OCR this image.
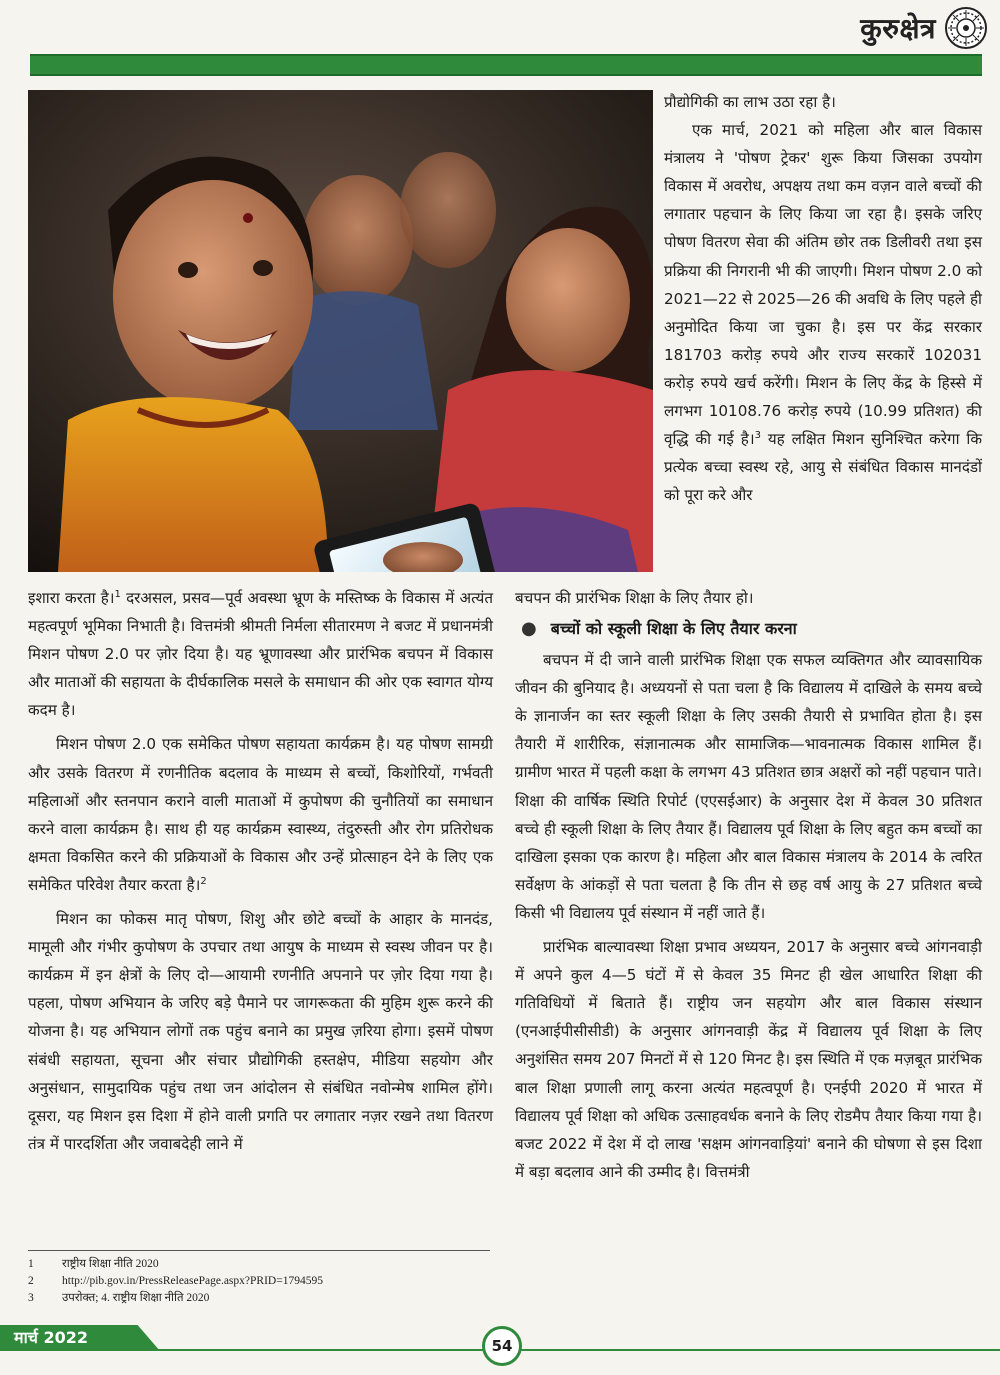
कुरुक्षेत्र

प्रौद्योगिकी का लाभ उठा रहा है।

एक मार्च, 2021 को महिला और बाल विकास मंत्रालय ने 'पोषण ट्रेकर' शुरू किया जिसका उपयोग विकास में अवरोध, अपक्षय तथा कम वज़न वाले बच्चों की लगातार पहचान के लिए किया जा रहा है। इसके जरिए पोषण वितरण सेवा की अंतिम छोर तक डिलीवरी तथा इस प्रक्रिया की निगरानी भी की जाएगी। मिशन पोषण 2.0 को 2021—22 से 2025—26 की अवधि के लिए पहले ही अनुमोदित किया जा चुका है। इस पर केंद्र सरकार 181703 करोड़ रुपये और राज्य सरकारें 102031 करोड़ रुपये खर्च करेंगी। मिशन के लिए केंद्र के हिस्से में लगभग 10108.76 करोड़ रुपये (10.99 प्रतिशत) की वृद्धि की गई है।$^3$ यह लक्षित मिशन सुनिश्चित करेगा कि प्रत्येक बच्चा स्वस्थ रहे, आयु से संबंधित विकास मानदंडों को पूरा करे और

इशारा करता है।$^1$ दरअसल, प्रसव—पूर्व अवस्था भ्रूण के मस्तिष्क के विकास में अत्यंत महत्वपूर्ण भूमिका निभाती है। वित्तमंत्री श्रीमती निर्मला सीतारमण ने बजट में प्रधानमंत्री मिशन पोषण 2.0 पर ज़ोर दिया है। यह भ्रूणावस्था और प्रारंभिक बचपन में विकास और माताओं की सहायता के दीर्घकालिक मसले के समाधान की ओर एक स्वागत योग्य कदम है।

मिशन पोषण 2.0 एक समेकित पोषण सहायता कार्यक्रम है। यह पोषण सामग्री और उसके वितरण में रणनीतिक बदलाव के माध्यम से बच्चों, किशोरियों, गर्भवती महिलाओं और स्तनपान कराने वाली माताओं में कुपोषण की चुनौतियों का समाधान करने वाला कार्यक्रम है। साथ ही यह कार्यक्रम स्वास्थ्य, तंदुरुस्ती और रोग प्रतिरोधक क्षमता विकसित करने की प्रक्रियाओं के विकास और उन्हें प्रोत्साहन देने के लिए एक समेकित परिवेश तैयार करता है।$^2$

मिशन का फोकस मातृ पोषण, शिशु और छोटे बच्चों के आहार के मानदंड, मामूली और गंभीर कुपोषण के उपचार तथा आयुष के माध्यम से स्वस्थ जीवन पर है। कार्यक्रम में इन क्षेत्रों के लिए दो—आयामी रणनीति अपनाने पर ज़ोर दिया गया है। पहला, पोषण अभियान के जरिए बड़े पैमाने पर जागरूकता की मुहिम शुरू करने की योजना है। यह अभियान लोगों तक पहुंच बनाने का प्रमुख ज़रिया होगा। इसमें पोषण संबंधी सहायता, सूचना और संचार प्रौद्योगिकी हस्तक्षेप, मीडिया सहयोग और अनुसंधान, सामुदायिक पहुंच तथा जन आंदोलन से संबंधित नवोन्मेष शामिल होंगे। दूसरा, यह मिशन इस दिशा में होने वाली प्रगति पर लगातार नज़र रखने तथा वितरण तंत्र में पारदर्शिता और जवाबदेही लाने में

बचपन की प्रारंभिक शिक्षा के लिए तैयार हो।

● बच्चों को स्कूली शिक्षा के लिए तैयार करना

बचपन में दी जाने वाली प्रारंभिक शिक्षा एक सफल व्यक्तिगत और व्यावसायिक जीवन की बुनियाद है। अध्ययनों से पता चला है कि विद्यालय में दाखिले के समय बच्चे के ज्ञानार्जन का स्तर स्कूली शिक्षा के लिए उसकी तैयारी से प्रभावित होता है। इस तैयारी में शारीरिक, संज्ञानात्मक और सामाजिक—भावनात्मक विकास शामिल हैं। ग्रामीण भारत में पहली कक्षा के लगभग 43 प्रतिशत छात्र अक्षरों को नहीं पहचान पाते। शिक्षा की वार्षिक स्थिति रिपोर्ट (एएसईआर) के अनुसार देश में केवल 30 प्रतिशत बच्चे ही स्कूली शिक्षा के लिए तैयार हैं। विद्यालय पूर्व शिक्षा के लिए बहुत कम बच्चों का दाखिला इसका एक कारण है। महिला और बाल विकास मंत्रालय के 2014 के त्वरित सर्वेक्षण के आंकड़ों से पता चलता है कि तीन से छह वर्ष आयु के 27 प्रतिशत बच्चे किसी भी विद्यालय पूर्व संस्थान में नहीं जाते हैं।

प्रारंभिक बाल्यावस्था शिक्षा प्रभाव अध्ययन, 2017 के अनुसार बच्चे आंगनवाड़ी में अपने कुल 4—5 घंटों में से केवल 35 मिनट ही खेल आधारित शिक्षा की गतिविधियों में बिताते हैं। राष्ट्रीय जन सहयोग और बाल विकास संस्थान (एनआईपीसीसीडी) के अनुसार आंगनवाड़ी केंद्र में विद्यालय पूर्व शिक्षा के लिए अनुशंसित समय 207 मिनटों में से 120 मिनट है। इस स्थिति में एक मज़बूत प्रारंभिक बाल शिक्षा प्रणाली लागू करना अत्यंत महत्वपूर्ण है। एनईपी 2020 में भारत में विद्यालय पूर्व शिक्षा को अधिक उत्साहवर्धक बनाने के लिए रोडमैप तैयार किया गया है। बजट 2022 में देश में दो लाख 'सक्षम आंगनवाड़ियां' बनाने की घोषणा से इस दिशा में बड़ा बदलाव आने की उम्मीद है। वित्तमंत्री

1	राष्ट्रीय शिक्षा नीति 2020
2	http://pib.gov.in/PressReleasePage.aspx?PRID=1794595
3	उपरोक्त; 4. राष्ट्रीय शिक्षा नीति 2020
मार्च 2022	54
